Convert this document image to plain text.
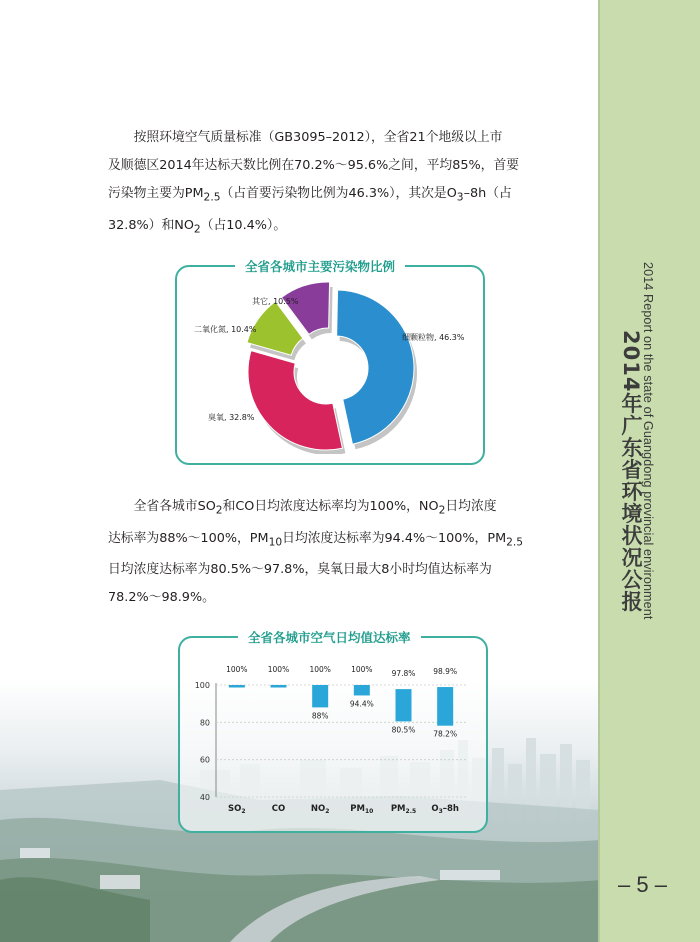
2014 Report on the state of Guangdong provincial environment
2014年广东省环境状况公报
– 5 –

　　按照环境空气质量标准（GB3095–2012），全省21个地级以上市
及顺德区2014年达标天数比例在70.2%～95.6%之间，平均85%，首要
污染物主要为$PM_{2.5}$（占首要污染物比例为46.3%），其次是$O_3-8h$（占
32.8%）和$NO_2$（占10.4%）。

全省各城市主要污染物比例
细颗粒物, 46.3%
臭氧, 32.8%
二氧化氮, 10.4%
其它, 10.5%

　　全省各城市$SO_2$和CO日均浓度达标率均为100%，$NO_2$日均浓度
达标率为88%～100%，$PM_{10}$日均浓度达标率为94.4%～100%，$PM_{2.5}$
日均浓度达标率为80.5%～97.8%，臭氧日最大8小时均值达标率为
78.2%～98.9%。

全省各城市空气日均值达标率
100
80
60
40
100%
$SO_2$
100%
CO
100%
88%
$NO_2$
100%
94.4%
$PM_{10}$
97.8%
80.5%
$PM_{2.5}$
98.9%
78.2%
$O_3-8h$
